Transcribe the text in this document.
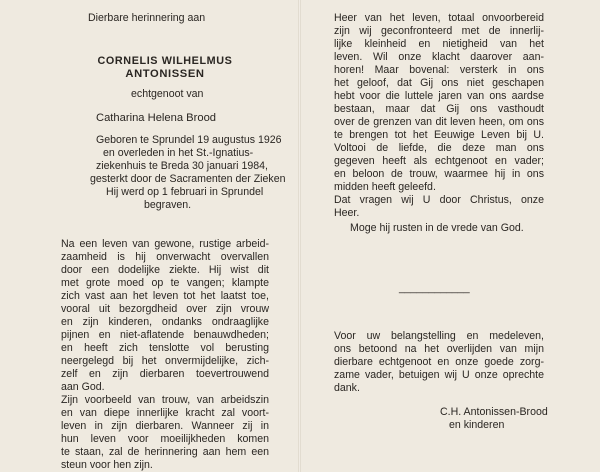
Dierbare herinnering aan

CORNELIS WILHELMUS

ANTONISSEN

echtgenoot van

Catharina Helena Brood

Geboren te Sprundel 19 augustus 1926

en overleden in het St.-Ignatius-

ziekenhuis te Breda 30 januari 1984,

gesterkt door de Sacramenten der Zieken

Hij werd op 1 februari in Sprundel

begraven.

Na een leven van gewone, rustige arbeid-

zaamheid is hij onverwacht overvallen

door een dodelijke ziekte. Hij wist dit

met grote moed op te vangen; klampte

zich vast aan het leven tot het laatst toe,

vooral uit bezorgdheid over zijn vrouw

en zijn kinderen, ondanks ondraaglijke

pijnen en niet-aflatende benauwdheden;

en heeft zich tenslotte vol berusting

neergelegd bij het onvermijdelijke, zich-

zelf en zijn dierbaren toevertrouwend

aan God.

Zijn voorbeeld van trouw, van arbeidszin

en van diepe innerlijke kracht zal voort-

leven in zijn dierbaren. Wanneer zij in

hun leven voor moeilijkheden komen

te staan, zal de herinnering aan hem een

steun voor hen zijn.

Heer van het leven, totaal onvoorbereid

zijn wij geconfronteerd met de innerlij-

lijke kleinheid en nietigheid van het

leven. Wil onze klacht daarover aan-

horen! Maar bovenal: versterk in ons

het geloof, dat Gij ons niet geschapen

hebt voor die luttele jaren van ons aardse

bestaan, maar dat Gij ons vasthoudt

over de grenzen van dit leven heen, om ons

te brengen tot het Eeuwige Leven bij U.

Voltooi de liefde, die deze man ons

gegeven heeft als echtgenoot en vader;

en beloon de trouw, waarmee hij in ons

midden heeft geleefd.

Dat vragen wij U door Christus, onze

Heer.

Moge hij rusten in de vrede van God.

____________

Voor uw belangstelling en medeleven,

ons betoond na het overlijden van mijn

dierbare echtgenoot en onze goede zorg-

zame vader, betuigen wij U onze oprechte

dank.

C.H. Antonissen-Brood

en kinderen
